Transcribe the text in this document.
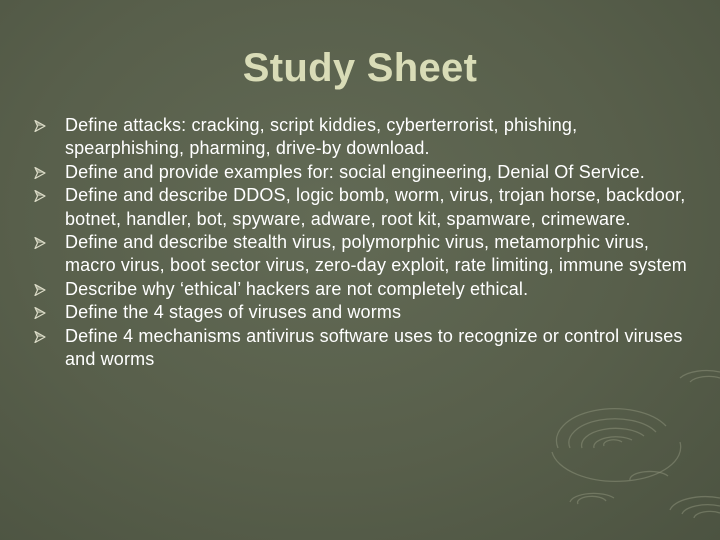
Study Sheet
Define attacks: cracking, script kiddies, cyberterrorist, phishing, spearphishing, pharming, drive-by download.
Define and provide examples for: social engineering, Denial Of Service.
Define and describe DDOS, logic bomb, worm, virus, trojan horse, backdoor, botnet, handler, bot, spyware, adware, root kit, spamware, crimeware.
Define and describe stealth virus, polymorphic virus, metamorphic virus, macro virus, boot sector virus, zero-day exploit, rate limiting, immune system
Describe why ‘ethical’ hackers are not completely ethical.
Define the 4 stages of viruses and worms
Define 4 mechanisms antivirus software uses to recognize or control viruses and worms
